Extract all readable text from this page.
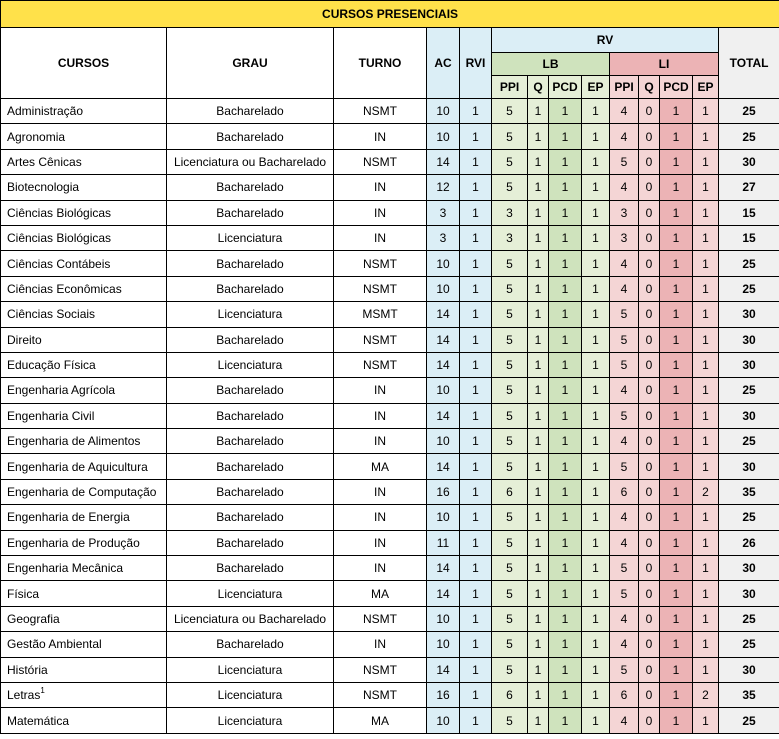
CURSOS PRESENCIAIS													
CURSOS	GRAU	TURNO	AC	RVI	RV								TOTAL
					LB				LI				
					PPI	Q	PCD	EP	PPI	Q	PCD	EP	
Administração	Bacharelado	NSMT	10	1	5	1	1	1	4	0	1	1	25
Agronomia	Bacharelado	IN	10	1	5	1	1	1	4	0	1	1	25
Artes Cênicas	Licenciatura ou Bacharelado	NSMT	14	1	5	1	1	1	5	0	1	1	30
Biotecnologia	Bacharelado	IN	12	1	5	1	1	1	4	0	1	1	27
Ciências Biológicas	Bacharelado	IN	3	1	3	1	1	1	3	0	1	1	15
Ciências Biológicas	Licenciatura	IN	3	1	3	1	1	1	3	0	1	1	15
Ciências Contábeis	Bacharelado	NSMT	10	1	5	1	1	1	4	0	1	1	25
Ciências Econômicas	Bacharelado	NSMT	10	1	5	1	1	1	4	0	1	1	25
Ciências Sociais	Licenciatura	MSMT	14	1	5	1	1	1	5	0	1	1	30
Direito	Bacharelado	NSMT	14	1	5	1	1	1	5	0	1	1	30
Educação Física	Licenciatura	NSMT	14	1	5	1	1	1	5	0	1	1	30
Engenharia Agrícola	Bacharelado	IN	10	1	5	1	1	1	4	0	1	1	25
Engenharia Civil	Bacharelado	IN	14	1	5	1	1	1	5	0	1	1	30
Engenharia de Alimentos	Bacharelado	IN	10	1	5	1	1	1	4	0	1	1	25
Engenharia de Aquicultura	Bacharelado	MA	14	1	5	1	1	1	5	0	1	1	30
Engenharia de Computação	Bacharelado	IN	16	1	6	1	1	1	6	0	1	2	35
Engenharia de Energia	Bacharelado	IN	10	1	5	1	1	1	4	0	1	1	25
Engenharia de Produção	Bacharelado	IN	11	1	5	1	1	1	4	0	1	1	26
Engenharia Mecânica	Bacharelado	IN	14	1	5	1	1	1	5	0	1	1	30
Física	Licenciatura	MA	14	1	5	1	1	1	5	0	1	1	30
Geografia	Licenciatura ou Bacharelado	NSMT	10	1	5	1	1	1	4	0	1	1	25
Gestão Ambiental	Bacharelado	IN	10	1	5	1	1	1	4	0	1	1	25
História	Licenciatura	NSMT	14	1	5	1	1	1	5	0	1	1	30
Letras$^1$	Licenciatura	NSMT	16	1	6	1	1	1	6	0	1	2	35
Matemática	Licenciatura	MA	10	1	5	1	1	1	4	0	1	1	25
